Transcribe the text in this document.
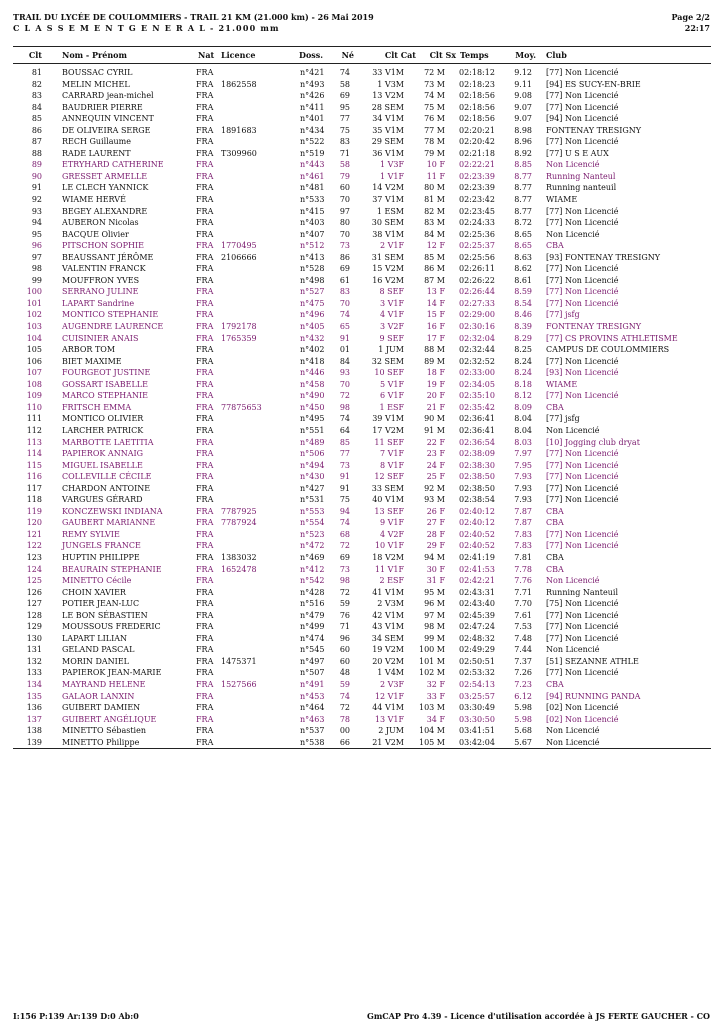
TRAIL DU LYCÉE DE COULOMMIERS - TRAIL 21 KM (21.000 km) - 26 Mai 2019
C L A S S E M E N T G E N E R A L - 21.000 mm
Page 2/2
22:17
Clt	Nom - Prénom	Nat Licence	Doss.	Né	Clt Cat	Clt Sx Temps	Moy. Club
81	BOUSSAC CYRIL	FRA	n°421	74	33 V1M	72 M 02:18:12	9.12 [77] Non Licencié
82	MELIN MICHEL	FRA 1862558	n°493	58	1 V3M	73 M 02:18:23	9.11 [94] ES SUCY-EN-BRIE
83	CARRARD jean-michel	FRA	n°426	69	13 V2M	74 M 02:18:56	9.08 [77] Non Licencié
84	BAUDRIER PIERRE	FRA	n°411	95	28 SEM	75 M 02:18:56	9.07 [77] Non Licencié
85	ANNEQUIN VINCENT	FRA	n°401	77	34 V1M	76 M 02:18:56	9.07 [94] Non Licencié
86	DE OLIVEIRA SERGE	FRA 1891683	n°434	75	35 V1M	77 M 02:20:21	8.98 FONTENAY TRESIGNY
87	RECH Guillaume	FRA	n°522	83	29 SEM	78 M 02:20:42	8.96 [77] Non Licencié
88	RADE LAURENT	FRA T309960	n°519	71	36 V1M	79 M 02:21:18	8.92 [77] U S E AUX
89	ETRYHARD CATHERINE	FRA	n°443	58	1 V3F	10 F 02:22:21	8.85 Non Licencié
90	GRESSET ARMELLE	FRA	n°461	79	1 V1F	11 F 02:23:39	8.77 Running Nanteul
91	LE CLECH YANNICK	FRA	n°481	60	14 V2M	80 M 02:23:39	8.77 Running nanteuil
92	WIAME HERVÉ	FRA	n°533	70	37 V1M	81 M 02:23:42	8.77 WIAME
93	BEGEY ALEXANDRE	FRA	n°415	97	1 ESM	82 M 02:23:45	8.77 [77] Non Licencié
94	AUBERON Nicolas	FRA	n°403	80	30 SEM	83 M 02:24:33	8.72 [77] Non Licencié
95	BACQUE Olivier	FRA	n°407	70	38 V1M	84 M 02:25:36	8.65 Non Licencié
96	PITSCHON SOPHIE	FRA 1770495	n°512	73	2 V1F	12 F 02:25:37	8.65 CBA
97	BEAUSSANT JÉRÔME	FRA 2106666	n°413	86	31 SEM	85 M 02:25:56	8.63 [93] FONTENAY TRESIGNY
98	VALENTIN FRANCK	FRA	n°528	69	15 V2M	86 M 02:26:11	8.62 [77] Non Licencié
99	MOUFFRON YVES	FRA	n°498	61	16 V2M	87 M 02:26:22	8.61 [77] Non Licencié
100	SERRANO JULINE	FRA	n°527	83	8 SEF	13 F 02:26:44	8.59 [77] Non Licencié
101	LAPART Sandrine	FRA	n°475	70	3 V1F	14 F 02:27:33	8.54 [77] Non Licencié
102	MONTICO STEPHANIE	FRA	n°496	74	4 V1F	15 F 02:29:00	8.46 [77] jsfg
103	AUGENDRE LAURENCE	FRA 1792178	n°405	65	3 V2F	16 F 02:30:16	8.39 FONTENAY TRESIGNY
104	CUISINIER ANAIS	FRA 1765359	n°432	91	9 SEF	17 F 02:32:04	8.29 [77] CS PROVINS ATHLETISME
105	ARBOR TOM	FRA	n°402	01	1 JUM	88 M 02:32:44	8.25 CAMPUS DE COULOMMIERS
106	BIET MAXIME	FRA	n°418	84	32 SEM	89 M 02:32:52	8.24 [77] Non Licencié
107	FOURGEOT JUSTINE	FRA	n°446	93	10 SEF	18 F 02:33:00	8.24 [93] Non Licencié
108	GOSSART ISABELLE	FRA	n°458	70	5 V1F	19 F 02:34:05	8.18 WIAME
109	MARCO STEPHANIE	FRA	n°490	72	6 V1F	20 F 02:35:10	8.12 [77] Non Licencié
110	FRITSCH EMMA	FRA 77875653	n°450	98	1 ESF	21 F 02:35:42	8.09 CBA
111	MONTICO OLIVIER	FRA	n°495	74	39 V1M	90 M 02:36:41	8.04 [77] jsfg
112	LARCHER PATRICK	FRA	n°551	64	17 V2M	91 M 02:36:41	8.04 Non Licencié
113	MARBOTTE LAETITIA	FRA	n°489	85	11 SEF	22 F 02:36:54	8.03 [10] Jogging club dryat
114	PAPIEROK ANNAIG	FRA	n°506	77	7 V1F	23 F 02:38:09	7.97 [77] Non Licencié
115	MIGUEL ISABELLE	FRA	n°494	73	8 V1F	24 F 02:38:30	7.95 [77] Non Licencié
116	COLLEVILLE CÉCILE	FRA	n°430	91	12 SEF	25 F 02:38:50	7.93 [77] Non Licencié
117	CHARDON ANTOINE	FRA	n°427	91	33 SEM	92 M 02:38:50	7.93 [77] Non Licencié
118	VARGUES GÉRARD	FRA	n°531	75	40 V1M	93 M 02:38:54	7.93 [77] Non Licencié
119	KONCZEWSKI INDIANA	FRA 7787925	n°553	94	13 SEF	26 F 02:40:12	7.87 CBA
120	GAUBERT MARIANNE	FRA 7787924	n°554	74	9 V1F	27 F 02:40:12	7.87 CBA
121	REMY SYLVIE	FRA	n°523	68	4 V2F	28 F 02:40:52	7.83 [77] Non Licencié
122	JUNGELS FRANCE	FRA	n°472	72	10 V1F	29 F 02:40:52	7.83 [77] Non Licencié
123	HUPTIN PHILIPPE	FRA 1383032	n°469	69	18 V2M	94 M 02:41:19	7.81 CBA
124	BEAURAIN STEPHANIE	FRA 1652478	n°412	73	11 V1F	30 F 02:41:53	7.78 CBA
125	MINETTO Cécile	FRA	n°542	98	2 ESF	31 F 02:42:21	7.76 Non Licencié
126	CHOIN XAVIER	FRA	n°428	72	41 V1M	95 M 02:43:31	7.71 Running Nanteuil
127	POTIER JEAN-LUC	FRA	n°516	59	2 V3M	96 M 02:43:40	7.70 [75] Non Licencié
128	LE BON SÉBASTIEN	FRA	n°479	76	42 V1M	97 M 02:45:39	7.61 [77] Non Licencié
129	MOUSSOUS FREDERIC	FRA	n°499	71	43 V1M	98 M 02:47:24	7.53 [77] Non Licencié
130	LAPART LILIAN	FRA	n°474	96	34 SEM	99 M 02:48:32	7.48 [77] Non Licencié
131	GELAND PASCAL	FRA	n°545	60	19 V2M	100 M 02:49:29	7.44 Non Licencié
132	MORIN DANIEL	FRA 1475371	n°497	60	20 V2M	101 M 02:50:51	7.37 [51] SEZANNE ATHLE
133	PAPIEROK JEAN-MARIE	FRA	n°507	48	1 V4M	102 M 02:53:32	7.26 [77] Non Licencié
134	MAYRAND HELENE	FRA 1527566	n°491	59	2 V3F	32 F 02:54:13	7.23 CBA
135	GALAOR LANXIN	FRA	n°453	74	12 V1F	33 F 03:25:57	6.12 [94] RUNNING PANDA
136	GUIBERT DAMIEN	FRA	n°464	72	44 V1M	103 M 03:30:49	5.98 [02] Non Licencié
137	GUIBERT ANGÉLIQUE	FRA	n°463	78	13 V1F	34 F 03:30:50	5.98 [02] Non Licencié
138	MINETTO Sébastien	FRA	n°537	00	2 JUM	104 M 03:41:51	5.68 Non Licencié
139	MINETTO Philippe	FRA	n°538	66	21 V2M	105 M 03:42:04	5.67 Non Licencié
I:156 P:139 Ar:139 D:0 Ab:0	GmCAP Pro 4.39 - Licence d'utilisation accordée à JS FERTE GAUCHER - CO
